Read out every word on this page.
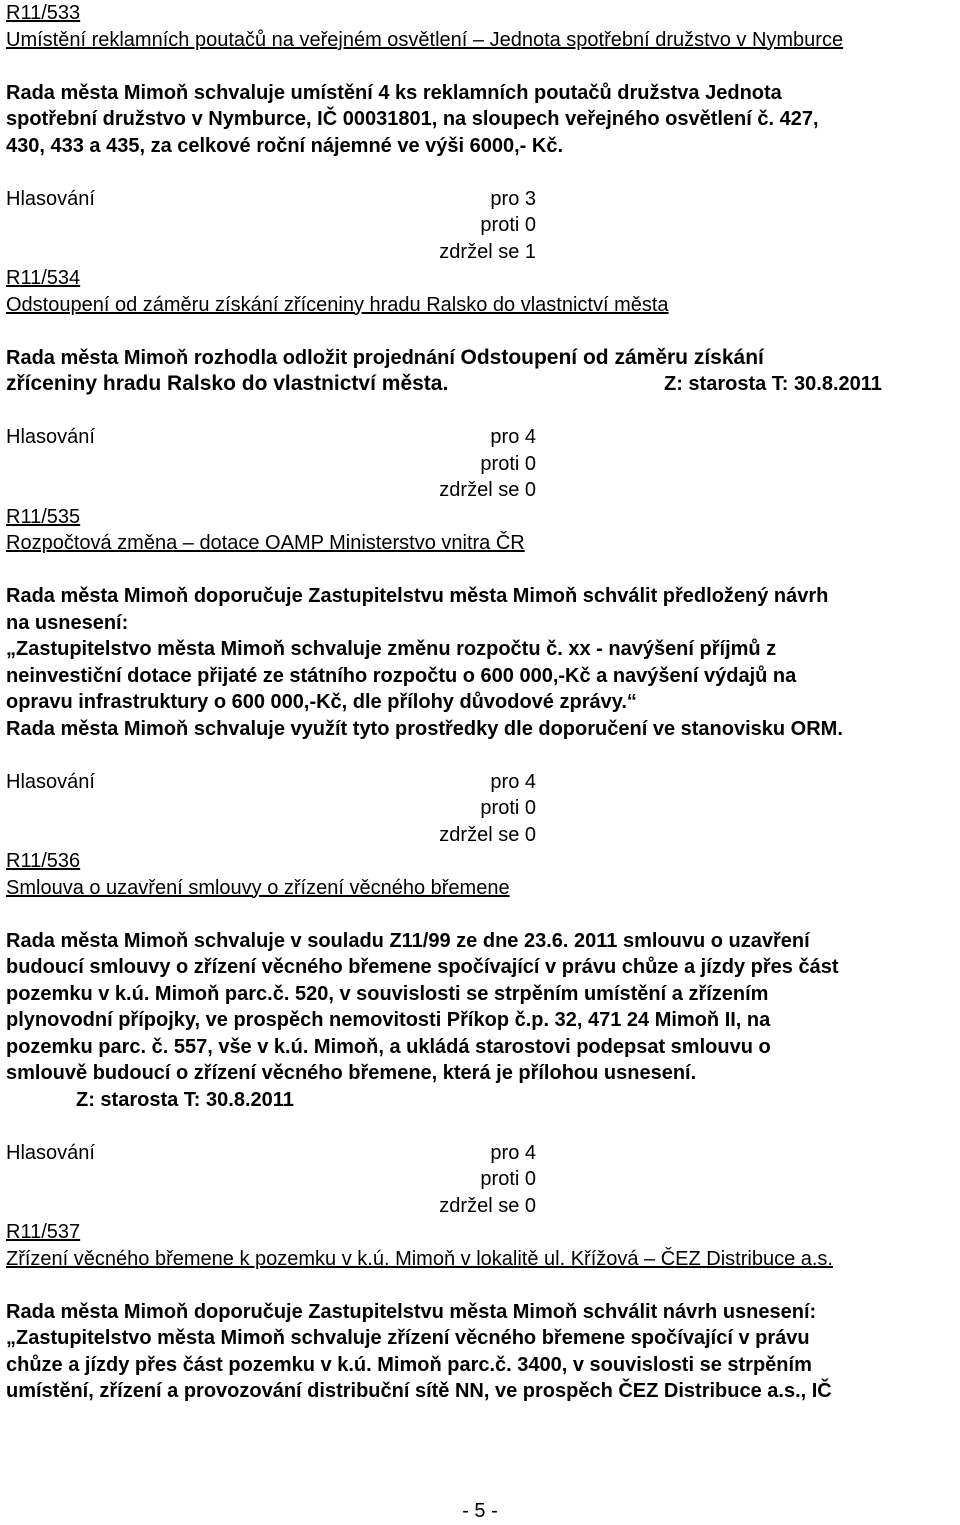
R11/533
Umístění reklamních poutačů na veřejném osvětlení – Jednota spotřební družstvo v Nymburce
Rada města Mimoň schvaluje umístění 4 ks reklamních poutačů družstva Jednota
spotřební družstvo v Nymburce, IČ 00031801, na sloupech veřejného osvětlení č. 427,
430, 433 a 435, za celkové roční nájemné ve výši 6000,- Kč.
Hlasování	pro 3
proti 0
zdržel se 1
R11/534
Odstoupení od záměru získání zříceniny hradu Ralsko do vlastnictví města
Rada města Mimoň rozhodla odložit projednání Odstoupení od záměru získání
zříceniny hradu Ralsko do vlastnictví města.	Z: starosta T: 30.8.2011
Hlasování	pro 4
proti 0
zdržel se 0
R11/535
Rozpočtová změna – dotace OAMP Ministerstvo vnitra ČR
Rada města Mimoň doporučuje Zastupitelstvu města Mimoň schválit předložený návrh
na usnesení:
„Zastupitelstvo města Mimoň schvaluje změnu rozpočtu č. xx - navýšení příjmů z
neinvestiční dotace přijaté ze státního rozpočtu o 600 000,-Kč a navýšení výdajů na
opravu infrastruktury o 600 000,-Kč, dle přílohy důvodové zprávy.“
Rada města Mimoň schvaluje využít tyto prostředky dle doporučení ve stanovisku ORM.
Hlasování	pro 4
proti 0
zdržel se 0
R11/536
Smlouva o uzavření smlouvy o zřízení věcného břemene
Rada města Mimoň schvaluje v souladu Z11/99 ze dne 23.6. 2011 smlouvu o uzavření
budoucí smlouvy o zřízení věcného břemene spočívající v právu chůze a jízdy přes část
pozemku v k.ú. Mimoň parc.č. 520, v souvislosti se strpěním umístění a zřízením
plynovodní přípojky, ve prospěch nemovitosti Příkop č.p. 32, 471 24 Mimoň II, na
pozemku parc. č. 557, vše v k.ú. Mimoň, a ukládá starostovi podepsat smlouvu o
smlouvě budoucí o zřízení věcného břemene, která je přílohou usnesení.
Z: starosta T: 30.8.2011
Hlasování	pro 4
proti 0
zdržel se 0
R11/537
Zřízení věcného břemene k pozemku v k.ú. Mimoň v lokalitě ul. Křížová – ČEZ Distribuce a.s.
Rada města Mimoň doporučuje Zastupitelstvu města Mimoň schválit návrh usnesení:
„Zastupitelstvo města Mimoň schvaluje zřízení věcného břemene spočívající v právu
chůze a jízdy přes část pozemku v k.ú. Mimoň parc.č. 3400, v souvislosti se strpěním
umístění, zřízení a provozování distribuční sítě NN, ve prospěch ČEZ Distribuce a.s., IČ
- 5 -
